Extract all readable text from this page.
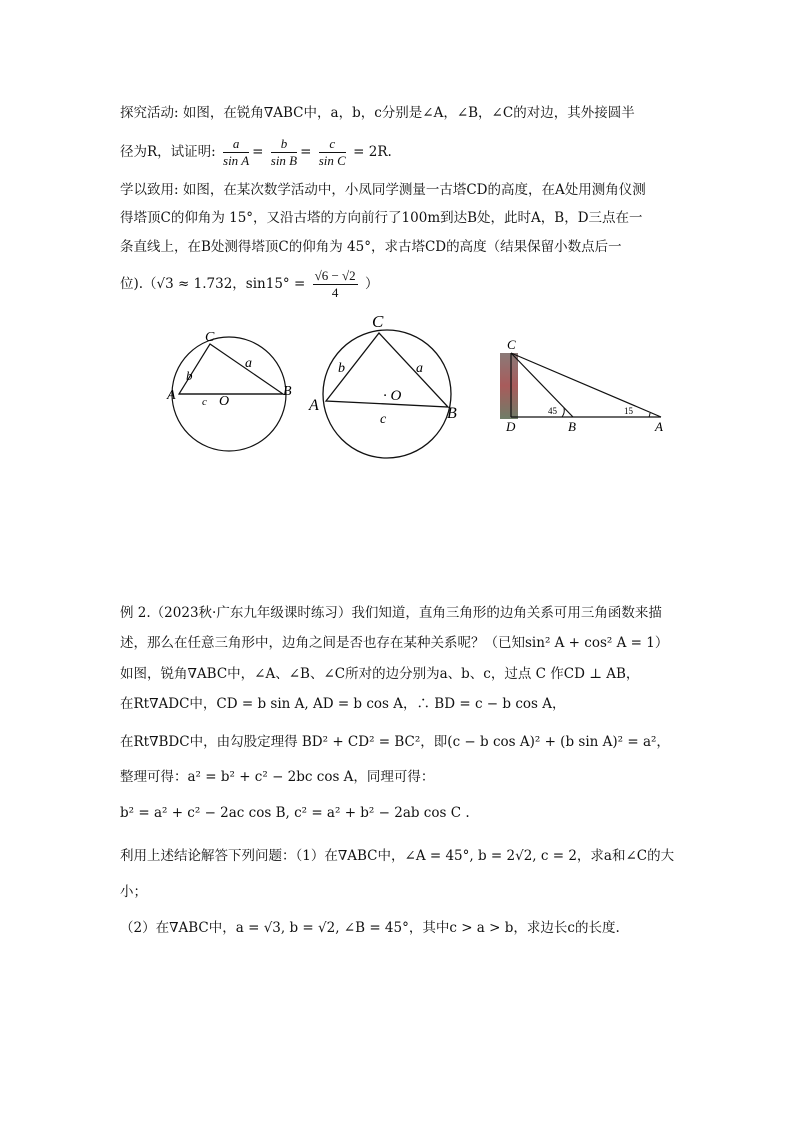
探究活动: 如图，在锐角∇ABC中，a，b，c分别是∠A，∠B，∠C的对边，其外接圆半
径为R，试证明: $\frac{a}{\text{sin A}} = \frac{b}{\text{sin B}} = \frac{c}{\text{sin C}} = 2R$.
学以致用: 如图，在某次数学活动中，小凤同学测量一古塔CD的高度，在A处用测角仪测
得塔顶C的仰角为 15°，又沿古塔的方向前行了100m到达B处，此时A，B，D三点在一
条直线上，在B处测得塔顶C的仰角为 45°，求古塔CD的高度（结果保留小数点后一
位).（√3 ≈ 1.732，$\sin 15^\circ = \frac{√6 - √2}{4}$ ）
C
a
b
A c O
B
C
b	a
A
· O
c	B
C
D	B	A
45	15
例 2.（2023秋·广东九年级课时练习）我们知道，直角三角形的边角关系可用三角函数来描
述，那么在任意三角形中，边角之间是否也存在某种关系呢？（已知sin² A + cos² A = 1）
如图，锐角∇ABC中，∠A、∠B、∠C所对的边分别为a、b、c，过点 C 作CD ⊥ AB，
在Rt∇ADC中，CD = b sin A, AD = b cos A，∴ BD = c − b cos A，
在Rt∇BDC中，由勾股定理得 BD² + CD² = BC²，即(c − b cos A)² + (b sin A)² = a²，
整理可得：a² = b² + c² − 2bc cos A，同理可得：
b² = a² + c² − 2ac cos B, c² = a² + b² − 2ab cos C .
利用上述结论解答下列问题：（1）在∇ABC中，∠A = 45°, b = 2√2, c = 2，求a和∠C的大
小；
（2）在∇ABC中，a = √3, b = √2, ∠B = 45°，其中c > a > b，求边长c的长度.
